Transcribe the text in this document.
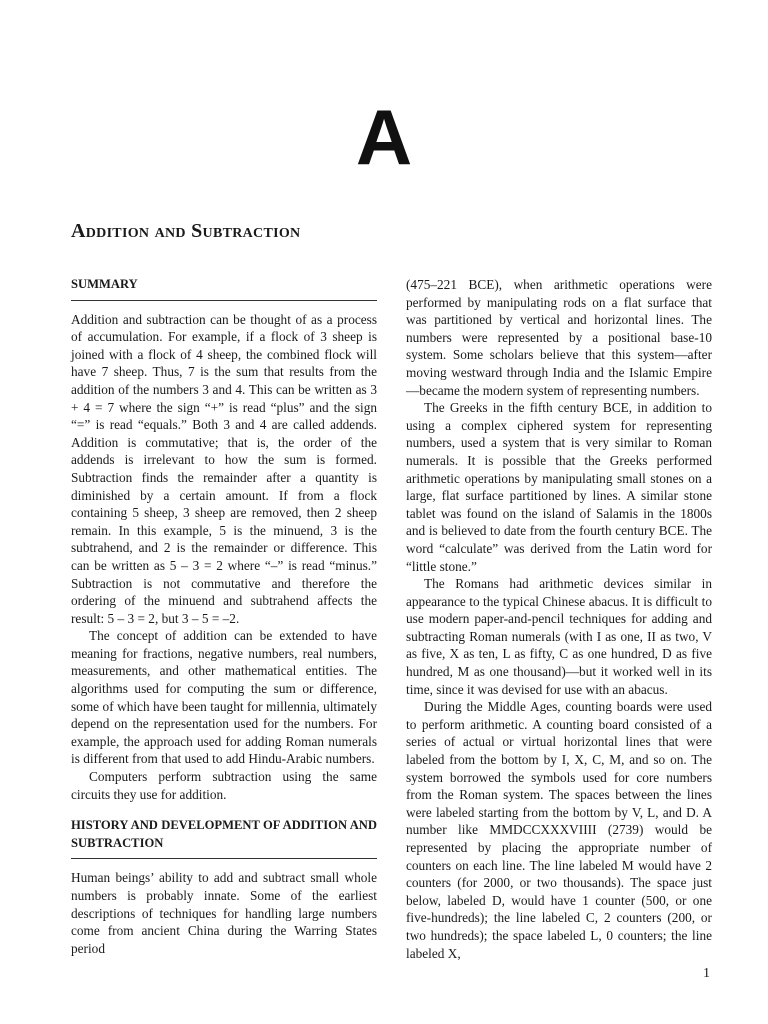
A
Addition and Subtraction
SUMMARY

Addition and subtraction can be thought of as a process of accumulation. For example, if a flock of 3 sheep is joined with a flock of 4 sheep, the combined flock will have 7 sheep. Thus, 7 is the sum that results from the addition of the numbers 3 and 4. This can be written as 3 + 4 = 7 where the sign “+” is read “plus” and the sign “=” is read “equals.” Both 3 and 4 are called addends. Addition is commutative; that is, the order of the addends is irrelevant to how the sum is formed. Subtraction finds the remainder after a quantity is diminished by a certain amount. If from a flock containing 5 sheep, 3 sheep are removed, then 2 sheep remain. In this example, 5 is the minuend, 3 is the subtrahend, and 2 is the remainder or difference. This can be written as 5 – 3 = 2 where “–” is read “minus.” Subtraction is not commutative and therefore the ordering of the minuend and subtrahend affects the result: 5 – 3 = 2, but 3 – 5 = –2.

The concept of addition can be extended to have meaning for fractions, negative numbers, real numbers, measurements, and other mathematical entities. The algorithms used for computing the sum or difference, some of which have been taught for millennia, ultimately depend on the representation used for the numbers. For example, the approach used for adding Roman numerals is different from that used to add Hindu-Arabic numbers.

Computers perform subtraction using the same circuits they use for addition.

HISTORY AND DEVELOPMENT OF ADDITION AND SUBTRACTION

Human beings’ ability to add and subtract small whole numbers is probably innate. Some of the earliest descriptions of techniques for handling large numbers come from ancient China during the Warring States period

(475–221 BCE), when arithmetic operations were performed by manipulating rods on a flat surface that was partitioned by vertical and horizontal lines. The numbers were represented by a positional base-10 system. Some scholars believe that this system—after moving westward through India and the Islamic Empire—became the modern system of representing numbers.

The Greeks in the fifth century BCE, in addition to using a complex ciphered system for representing numbers, used a system that is very similar to Roman numerals. It is possible that the Greeks performed arithmetic operations by manipulating small stones on a large, flat surface partitioned by lines. A similar stone tablet was found on the island of Salamis in the 1800s and is believed to date from the fourth century BCE. The word “calculate” was derived from the Latin word for “little stone.”

The Romans had arithmetic devices similar in appearance to the typical Chinese abacus. It is difficult to use modern paper-and-pencil techniques for adding and subtracting Roman numerals (with I as one, II as two, V as five, X as ten, L as fifty, C as one hundred, D as five hundred, M as one thousand)—but it worked well in its time, since it was devised for use with an abacus.

During the Middle Ages, counting boards were used to perform arithmetic. A counting board consisted of a series of actual or virtual horizontal lines that were labeled from the bottom by I, X, C, M, and so on. The system borrowed the symbols used for core numbers from the Roman system. The spaces between the lines were labeled starting from the bottom by V, L, and D. A number like MMDCCXXXVIIII (2739) would be represented by placing the appropriate number of counters on each line. The line labeled M would have 2 counters (for 2000, or two thousands). The space just below, labeled D, would have 1 counter (500, or one five-hundreds); the line labeled C, 2 counters (200, or two hundreds); the space labeled L, 0 counters; the line labeled X,

1
